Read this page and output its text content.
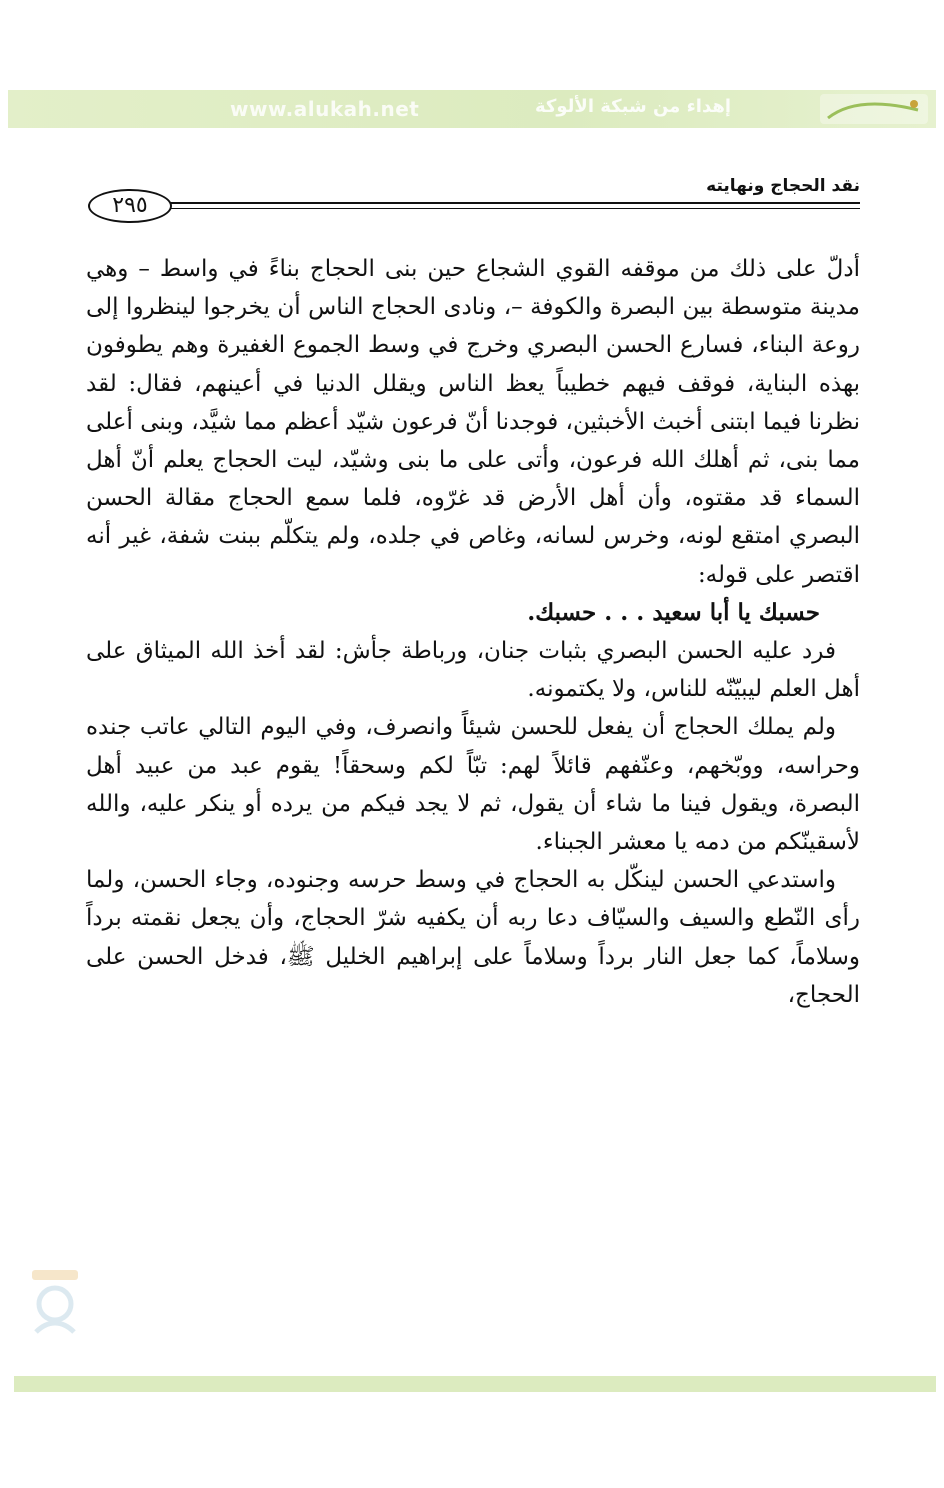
www.alukah.net	إهداء من شبكة الألوكة
نقد الحجاج ونهايته
٢٩٥

أدلّ على ذلك من موقفه القوي الشجاع حين بنى الحجاج بناءً في واسط – وهي مدينة متوسطة بين البصرة والكوفة –، ونادى الحجاج الناس أن يخرجوا لينظروا إلى روعة البناء، فسارع الحسن البصري وخرج في وسط الجموع الغفيرة وهم يطوفون بهذه البناية، فوقف فيهم خطيباً يعظ الناس ويقلل الدنيا في أعينهم، فقال: لقد نظرنا فيما ابتنى أخبث الأخبثين، فوجدنا أنّ فرعون شيّد أعظم مما شيَّد، وبنى أعلى مما بنى، ثم أهلك الله فرعون، وأتى على ما بنى وشيّد، ليت الحجاج يعلم أنّ أهل السماء قد مقتوه، وأن أهل الأرض قد غرّوه، فلما سمع الحجاج مقالة الحسن البصري امتقع لونه، وخرس لسانه، وغاص في جلده، ولم يتكلّم ببنت شفة، غير أنه اقتصر على قوله:

حسبك يا أبا سعيد . . . حسبك.

فرد عليه الحسن البصري بثبات جنان، ورباطة جأش: لقد أخذ الله الميثاق على أهل العلم ليبيّنّه للناس، ولا يكتمونه.

ولم يملك الحجاج أن يفعل للحسن شيئاً وانصرف، وفي اليوم التالي عاتب جنده وحراسه، ووبّخهم، وعنّفهم قائلاً لهم: تبّاً لكم وسحقاً! يقوم عبد من عبيد أهل البصرة، ويقول فينا ما شاء أن يقول، ثم لا يجد فيكم من يرده أو ينكر عليه، والله لأسقينّكم من دمه يا معشر الجبناء.

واستدعي الحسن لينكّل به الحجاج في وسط حرسه وجنوده، وجاء الحسن، ولما رأى النّطع والسيف والسيّاف دعا ربه أن يكفيه شرّ الحجاج، وأن يجعل نقمته برداً وسلاماً، كما جعل النار برداً وسلاماً على إبراهيم الخليل ﷺ، فدخل الحسن على الحجاج،
